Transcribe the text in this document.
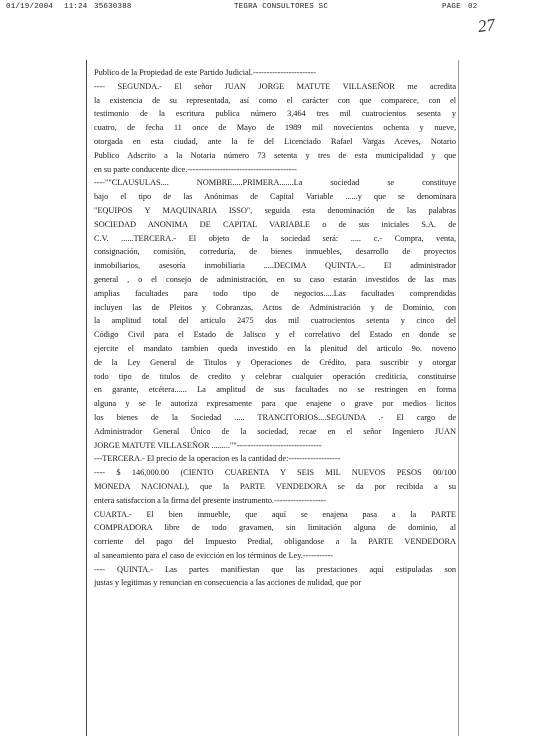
01/19/2004 11:24 35630388	TEGRA CONSULTORES SC	PAGE 02
27
Publico de la Propiedad de este Partido Judicial.-----------------------
---- SEGUNDA.- El señor JUAN JORGE MATUTE VILLASEÑOR me acredita
la existencia de su representada, así como el carácter con que comparece, con el
testimonio de la escritura publica número 3,464 tres mil cuatrocientos sesenta y
cuatro, de fecha 11 once de Mayo de 1989 mil novecientos ochenta y nueve,
otorgada en esta ciudad, ante la fe del Licenciado Rafael Vargas Aceves, Notario
Publico Adscrito a la Notaria número 73 setenta y tres de esta municipalidad y que
en su parte conducente dice.----------------------------------------
----""CLAUSULAS.... NOMBRE.....PRIMERA.......La sociedad se constituye
bajo el tipo de las Anónimas de Capital Variable ......y que se denominara
"EQUIPOS Y MAQUINARIA ISSO", seguida esta denominación de las palabras
SOCIEDAD ANONIMA DE CAPITAL VARIABLE o de sus iniciales S.A. de
C.V. ......TERCERA.- El objeto de la sociedad será: ..... c.- Compra, venta,
consignación, comisión, correduría, de bienes inmuebles, desarrollo de proyectos
inmobiliarios, asesoría inmobiliaria .....DECIMA QUINTA.-.. El administrador
general , o el consejo de administración, en su caso estarán investidos de las mas
amplias facultades para todo tipo de negocios.....Las facultades comprendidas
incluyen las de Pleitos y Cobranzas, Actos de Administración y de Dominio, con
la amplitud total del articulo 2475 dos mil cuatrocientos setenta y cinco del
Código Civil para el Estado de Jalisco y el correlativo del Estado en donde se
ejercite el mandato tambien queda investido en la plenitud del articulo 9o. noveno
de la Ley General de Titulos y Operaciones de Crédito, para suscribir y otorgar
todo tipo de titulos de credito y celebrar cualquier operación crediticia, constituirse
en garante, etcétera...... La amplitud de sus facultades no se restringen en forma
alguna y se le autoriza expresamente para que enajene o grave por medios licitos
los bienes de la Sociedad ..... TRANCITORIOS....SEGUNDA .- El cargo de
Administrador General Único de la sociedad, recae en el señor Ingeniero JUAN
JORGE MATUTE VILLASEÑOR .........""-------------------------------
---TERCERA.- El precio de la operacion es la cantidad de:-------------------
---- $ 146,000.00 (CIENTO CUARENTA Y SEIS MIL NUEVOS PESOS 00/100
MONEDA NACIONAL), que la PARTE VENDEDORA se da por recibida a su
entera satisfaccion a la firma del presente instrumento.-------------------
CUARTA.- El bien inmueble, que aquí se enajena pasa a la PARTE
COMPRADORA libre de todo gravamen, sin limitación alguna de dominio, al
corriente del pago del Impuesto Predial, obligandose a la PARTE VENDEDORA
al saneamiento para el caso de evicción en los términos de Ley.-----------
---- QUINTA.- Las partes manifiestan que las prestaciones aquí estipuladas son
justas y legitimas y renuncian en consecuencia a las acciones de nulidad, que por
